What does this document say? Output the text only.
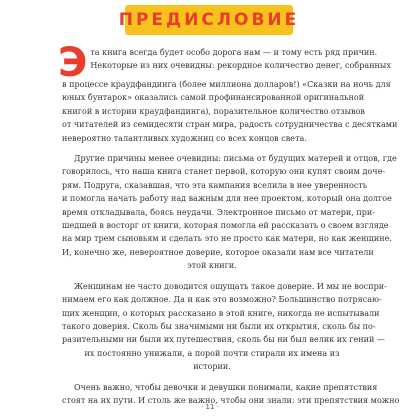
ПРЕДИСЛОВИЕ

Э та книга всегда будет особо дорога нам — и тому есть ряд причин.
Некоторые из них очевидны: рекордное количество денег, собранных
в процессе краудфандинга (более миллиона долларов!) «Сказки на ночь для
юных бунтарок» оказались самой профинансированной оригинальной
книгой в истории краудфандинга), поразительное количество отзывов
от читателей из семидесяти стран мира, радость сотрудничества с десятками
невероятно талантливых художниц со всех концов света.

Другие причины менее очевидны: письма от будущих матерей и отцов, где
говорилось, что наша книга станет первой, которую они купят своим доче-
рям. Подруга, сказавшая, что эта кампания вселила в нее уверенность
и помогла начать работу над важным для нее проектом, который она долгое
время откладывала, боясь неудачи. Электронное письмо от матери, при-
шедшей в восторг от книги, которая помогла ей рассказать о своем взгляде
на мир трем сыновьям и сделать это не просто как матери, но как женщине.
И, конечно же, невероятное доверие, которое оказали нам все читатели
этой книги.

Женщинам не часто доводится ощущать такое доверие. И мы не воспри-
нимаем его как должное. Да и как это возможно? Большинство потрясаю-
щих женщин, о которых рассказано в этой книге, никогда не испытывали
такого доверия. Сколь бы значимыми ни были их открытия, сколь бы по-
разительными ни были их путешествия, сколь бы ни был велик их гений —
их постоянно унижали, а порой почти стирали их имена из
истории.

Очень важно, чтобы девочки и девушки понимали, какие препятствия
стоят на их пути. И столь же важно, чтобы они знали: эти препятствия можно

· 11 ·
